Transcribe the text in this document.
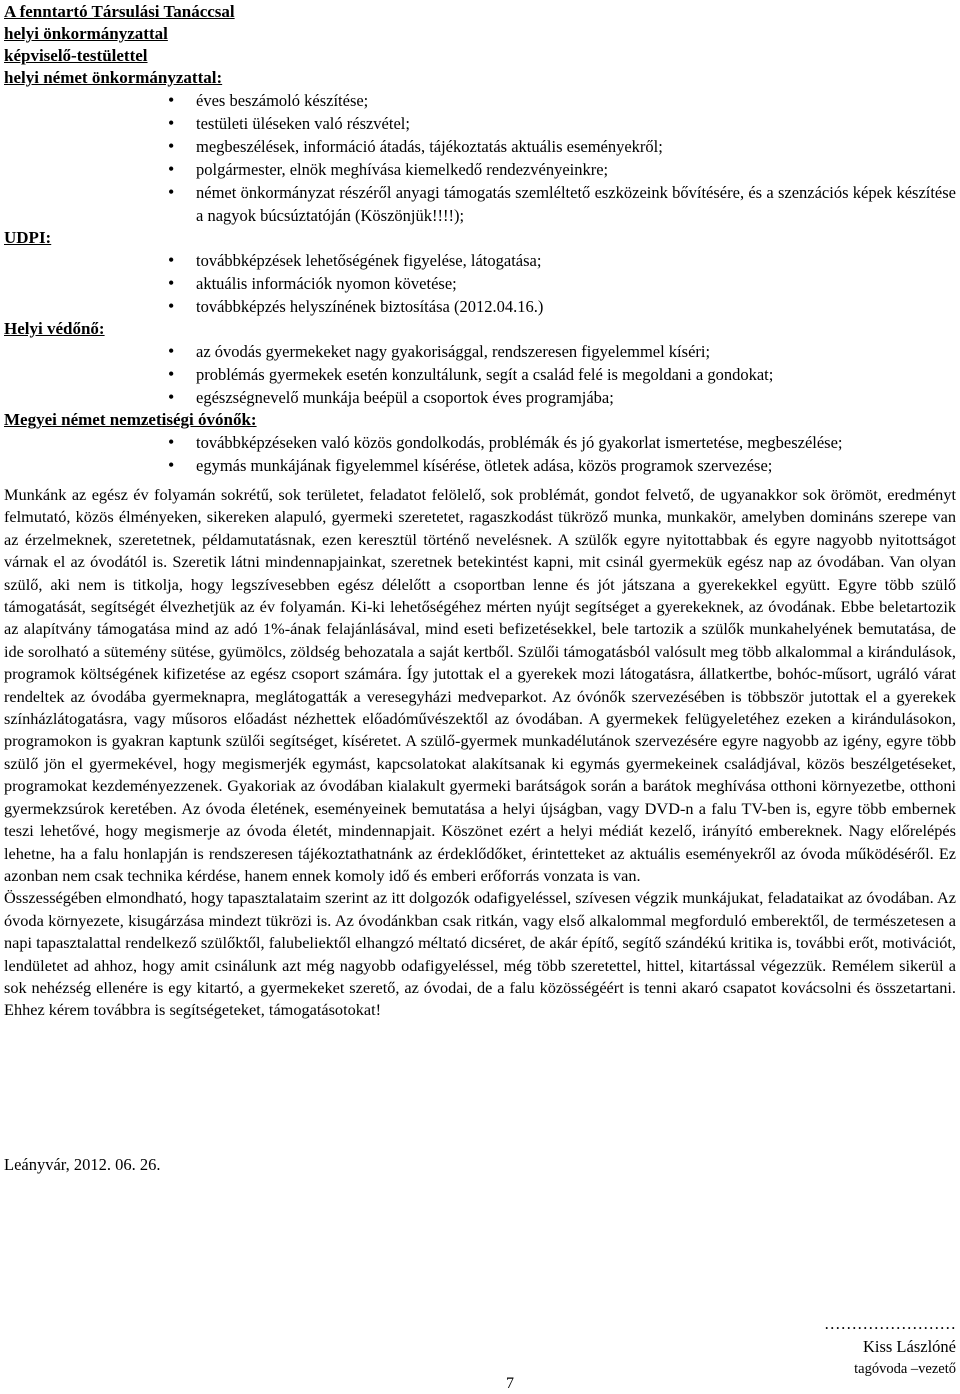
A fenntartó Társulási Tanáccsal
helyi önkormányzattal
képviselő-testülettel
helyi német önkormányzattal:
• éves beszámoló készítése;
• testületi üléseken való részvétel;
• megbeszélések, információ átadás, tájékoztatás aktuális eseményekről;
• polgármester, elnök meghívása kiemelkedő rendezvényeinkre;
• német önkormányzat részéről anyagi támogatás szemléltető eszközeink bővítésére, és a szenzációs képek készítése a nagyok búcsúztatóján (Köszönjük!!!!);
UDPI:
• továbbképzések lehetőségének figyelése, látogatása;
• aktuális információk nyomon követése;
• továbbképzés helyszínének biztosítása (2012.04.16.)
Helyi védőnő:
• az óvodás gyermekeket nagy gyakorisággal, rendszeresen figyelemmel kíséri;
• problémás gyermekek esetén konzultálunk, segít a család felé is megoldani a gondokat;
• egészségnevelő munkája beépül a csoportok éves programjába;
Megyei német nemzetiségi óvónők:
• továbbképzéseken való közös gondolkodás, problémák és jó gyakorlat ismertetése, megbeszélése;
• egymás munkájának figyelemmel kísérése, ötletek adása, közös programok szervezése;

Munkánk az egész év folyamán sokrétű, sok területet, feladatot felölelő, sok problémát, gondot felvető, de ugyanakkor sok örömöt, eredményt felmutató, közös élményeken, sikereken alapuló, gyermeki szeretetet, ragaszkodást tükröző munka, munkakör, amelyben domináns szerepe van az érzelmeknek, szeretetnek, példamutatásnak, ezen keresztül történő nevelésnek. A szülők egyre nyitottabbak és egyre nagyobb nyitottságot várnak el az óvodától is. Szeretik látni mindennapjainkat, szeretnek betekintést kapni, mit csinál gyermekük egész nap az óvodában. Van olyan szülő, aki nem is titkolja, hogy legszívesebben egész délelőtt a csoportban lenne és jót játszana a gyerekekkel együtt. Egyre több szülő támogatását, segítségét élvezhetjük az év folyamán. Ki-ki lehetőségéhez mérten nyújt segítséget a gyerekeknek, az óvodának. Ebbe beletartozik az alapítvány támogatása mind az adó 1%-ának felajánlásával, mind eseti befizetésekkel, bele tartozik a szülők munkahelyének bemutatása, de ide sorolható a sütemény sütése, gyümölcs, zöldség behozatala a saját kertből. Szülői támogatásból valósult meg több alkalommal a kirándulások, programok költségének kifizetése az egész csoport számára. Így jutottak el a gyerekek mozi látogatásra, állatkertbe, bohóc-műsort, ugráló várat rendeltek az óvodába gyermeknapra, meglátogatták a veresegyházi medveparkot. Az óvónők szervezésében is többször jutottak el a gyerekek színházlátogatásra, vagy műsoros előadást nézhettek előadóművészektől az óvodában. A gyermekek felügyeletéhez ezeken a kirándulásokon, programokon is gyakran kaptunk szülői segítséget, kíséretet. A szülő-gyermek munkadélutánok szervezésére egyre nagyobb az igény, egyre több szülő jön el gyermekével, hogy megismerjék egymást, kapcsolatokat alakítsanak ki egymás gyermekeinek családjával, közös beszélgetéseket, programokat kezdeményezzenek. Gyakoriak az óvodában kialakult gyermeki barátságok során a barátok meghívása otthoni környezetbe, otthoni gyermekzsúrok keretében. Az óvoda életének, eseményeinek bemutatása a helyi újságban, vagy DVD-n a falu TV-ben is, egyre több embernek teszi lehetővé, hogy megismerje az óvoda életét, mindennapjait. Köszönet ezért a helyi médiát kezelő, irányító embereknek. Nagy előrelépés lehetne, ha a falu honlapján is rendszeresen tájékoztathatnánk az érdeklődőket, érintetteket az aktuális eseményekről az óvoda működéséről. Ez azonban nem csak technika kérdése, hanem ennek komoly idő és emberi erőforrás vonzata is van.

Összességében elmondható, hogy tapasztalataim szerint az itt dolgozók odafigyeléssel, szívesen végzik munkájukat, feladataikat az óvodában. Az óvoda környezete, kisugárzása mindezt tükrözi is. Az óvodánkban csak ritkán, vagy első alkalommal megforduló emberektől, de természetesen a napi tapasztalattal rendelkező szülőktől, falubeliektől elhangzó méltató dicséret, de akár építő, segítő szándékú kritika is, további erőt, motivációt, lendületet ad ahhoz, hogy amit csinálunk azt még nagyobb odafigyeléssel, még több szeretettel, hittel, kitartással végezzük. Remélem sikerül a sok nehézség ellenére is egy kitartó, a gyermekeket szerető, az óvodai, de a falu közösségéért is tenni akaró csapatot kovácsolni és összetartani. Ehhez kérem továbbra is segítségeteket, támogatásotokat!

Leányvár, 2012. 06. 26.
……………………
Kiss Lászlóné
tagóvoda –vezető
7
